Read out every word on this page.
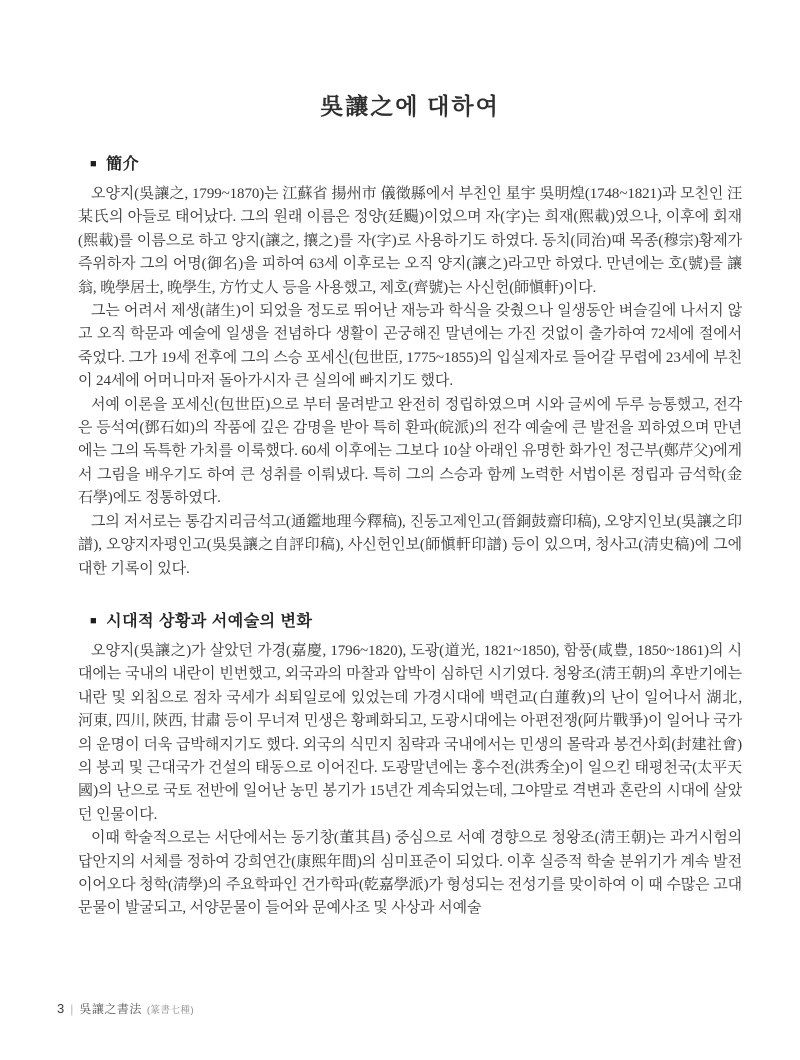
吳讓之에 대하여
■ 簡介

오양지(吳讓之, 1799~1870)는 江蘇省 揚州市 儀徵縣에서 부친인 星宇 吳明煌(1748~1821)과 모친인 汪某氏의 아들로 태어났다. 그의 원래 이름은 정양(廷颺)이었으며 자(字)는 희재(熙載)였으나, 이후에 회재(熙載)를 이름으로 하고 양지(讓之, 攘之)를 자(字)로 사용하기도 하였다. 동치(同治)때 목종(穆宗)황제가 즉위하자 그의 어명(御名)을 피하여 63세 이후로는 오직 양지(讓之)라고만 하였다. 만년에는 호(號)를 讓翁, 晚學居士, 晚學生, 方竹丈人 등을 사용했고, 제호(齊號)는 사신헌(師愼軒)이다.

그는 어려서 제생(諸生)이 되었을 정도로 뛰어난 재능과 학식을 갖췄으나 일생동안 벼슬길에 나서지 않고 오직 학문과 예술에 일생을 전념하다 생활이 곤궁해진 말년에는 가진 것없이 출가하여 72세에 절에서 죽었다. 그가 19세 전후에 그의 스승 포세신(包世臣, 1775~1855)의 입실제자로 들어갈 무렵에 23세에 부친이 24세에 어머니마저 돌아가시자 큰 실의에 빠지기도 했다.

서예 이론을 포세신(包世臣)으로 부터 물려받고 완전히 정립하였으며 시와 글씨에 두루 능통했고, 전각은 등석여(鄧石如)의 작품에 깊은 감명을 받아 특히 환파(皖派)의 전각 예술에 큰 발전을 꾀하였으며 만년에는 그의 독특한 가치를 이룩했다. 60세 이후에는 그보다 10살 아래인 유명한 화가인 정근부(鄭芹父)에게서 그림을 배우기도 하여 큰 성취를 이뤄냈다. 특히 그의 스승과 함께 노력한 서법이론 정립과 금석학(金石學)에도 정통하였다.

그의 저서로는 통감지리금석고(通鑑地理今釋稿), 진동고제인고(晉銅鼓齋印稿), 오양지인보(吳讓之印譜), 오양지자평인고(吳吳讓之自評印稿), 사신헌인보(師愼軒印譜) 등이 있으며, 청사고(淸史稿)에 그에 대한 기록이 있다.

■ 시대적 상황과 서예술의 변화

오양지(吳讓之)가 살았던 가경(嘉慶, 1796~1820), 도광(道光, 1821~1850), 함풍(咸豊, 1850~1861)의 시대에는 국내의 내란이 빈번했고, 외국과의 마찰과 압박이 심하던 시기였다. 청왕조(淸王朝)의 후반기에는 내란 및 외침으로 점차 국세가 쇠퇴일로에 있었는데 가경시대에 백련교(白蓮敎)의 난이 일어나서 湖北, 河東, 四川, 陝西, 甘肅 등이 무너져 민생은 황폐화되고, 도광시대에는 아편전쟁(阿片戰爭)이 일어나 국가의 운명이 더욱 급박해지기도 했다. 외국의 식민지 침략과 국내에서는 민생의 몰락과 봉건사회(封建社會)의 붕괴 및 근대국가 건설의 태동으로 이어진다. 도광말년에는 홍수전(洪秀全)이 일으킨 태평천국(太平天國)의 난으로 국토 전반에 일어난 농민 봉기가 15년간 계속되었는데, 그야말로 격변과 혼란의 시대에 살았던 인물이다.

이때 학술적으로는 서단에서는 동기창(董其昌) 중심으로 서예 경향으로 청왕조(淸王朝)는 과거시험의 답안지의 서체를 정하여 강희연간(康熙年間)의 심미표준이 되었다. 이후 실증적 학술 분위기가 계속 발전 이어오다 청학(淸學)의 주요학파인 건가학파(乾嘉學派)가 형성되는 전성기를 맞이하여 이 때 수많은 고대문물이 발굴되고, 서양문물이 들어와 문예사조 및 사상과 서예술

3 | 吳讓之書法 (篆書七種)
